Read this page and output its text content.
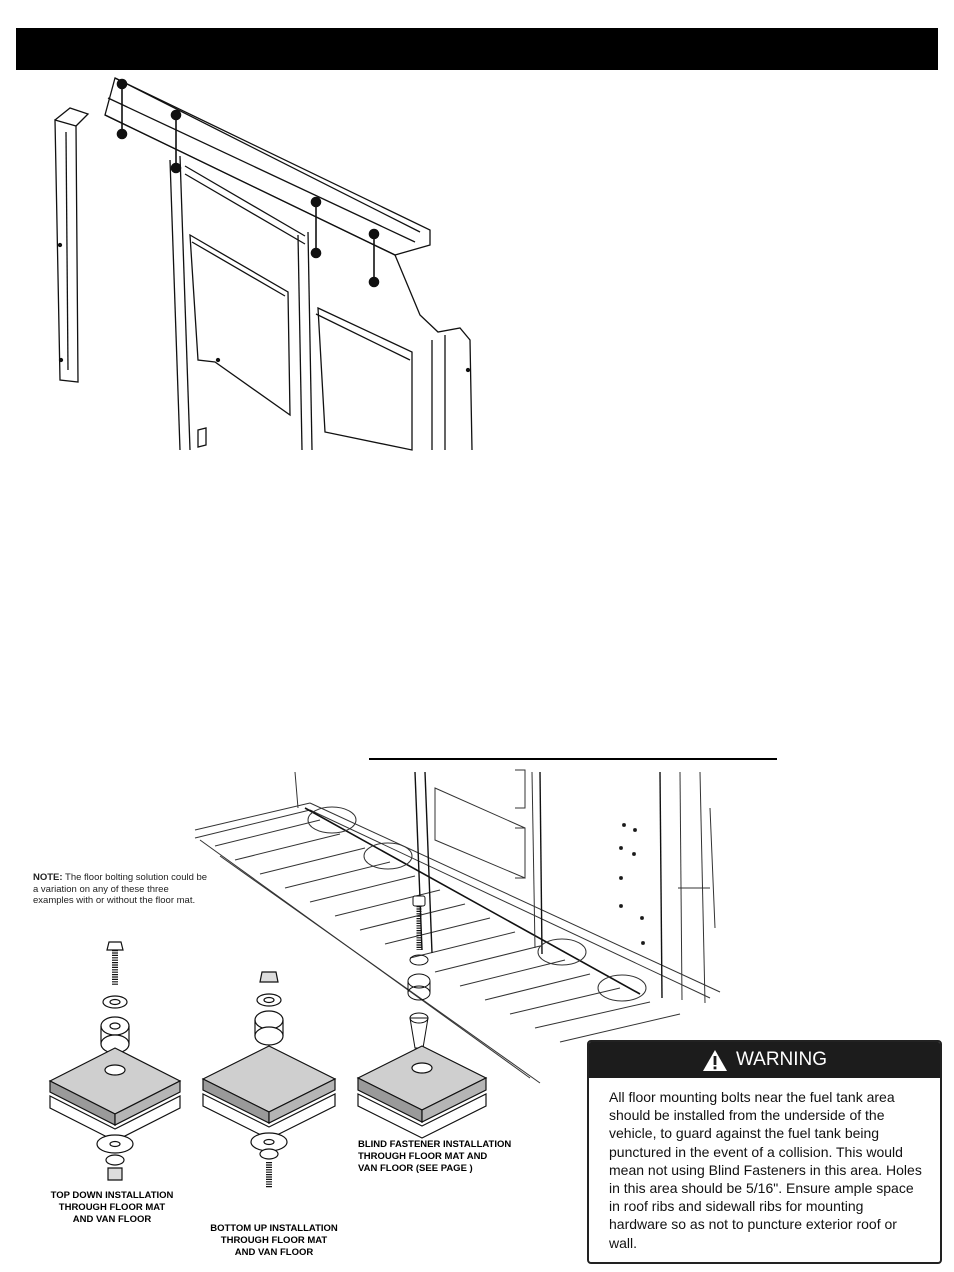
NOTE: The floor bolting solution could be a variation on any of these three examples with or without the floor mat.
TOP DOWN INSTALLATION
THROUGH FLOOR MAT
AND VAN FLOOR
BOTTOM UP INSTALLATION
THROUGH FLOOR MAT
AND VAN FLOOR
BLIND FASTENER INSTALLATION
THROUGH FLOOR MAT AND
VAN FLOOR (SEE PAGE )
WARNING
All floor mounting bolts near the fuel tank area should be installed from the underside of the vehicle, to guard against the fuel tank being punctured in the event of a collision. This would mean not using Blind Fasteners in this area. Holes in this area should be 5/16". Ensure ample space in roof ribs and sidewall ribs for mounting hardware so as not to puncture exterior roof or wall.
